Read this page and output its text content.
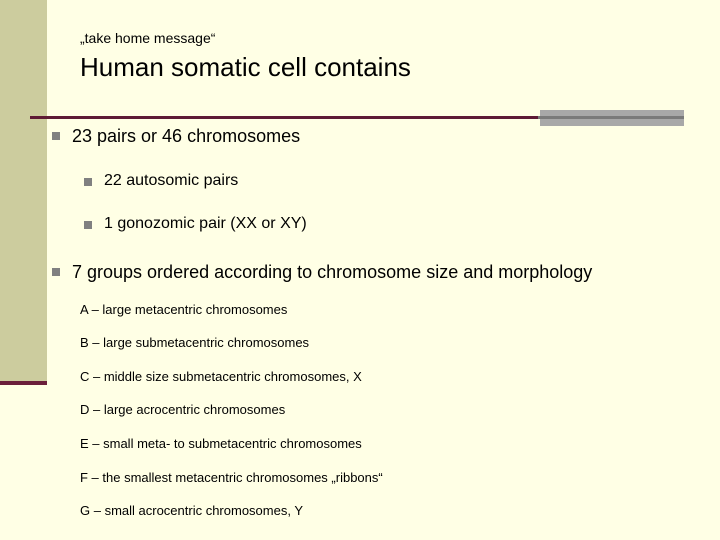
„take home message“
Human somatic cell contains
23 pairs or 46 chromosomes
22 autosomic pairs
1 gonozomic pair (XX or XY)
7 groups ordered according to chromosome size and morphology
A – large metacentric chromosomes
B – large submetacentric chromosomes
C – middle size submetacentric chromosomes, X
D – large acrocentric chromosomes
E – small meta- to submetacentric chromosomes
F – the smallest metacentric chromosomes „ribbons“
G – small acrocentric chromosomes, Y
